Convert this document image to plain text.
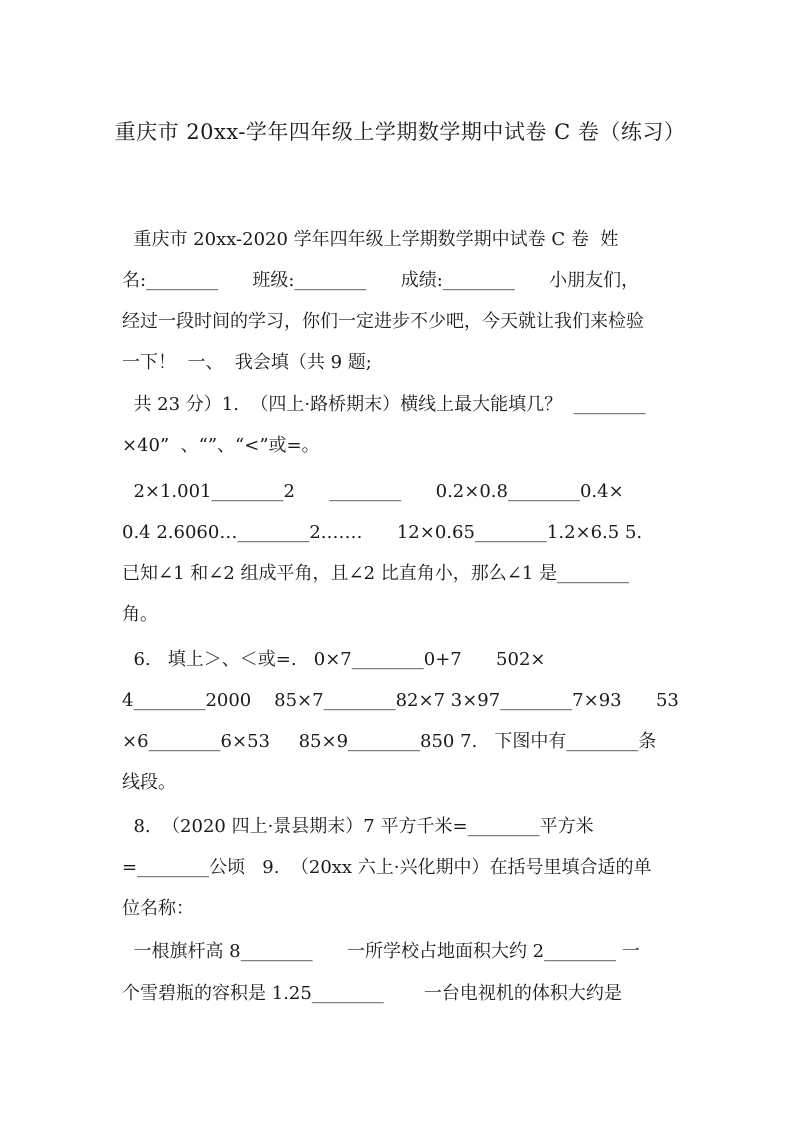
重庆市 20xx-学年四年级上学期数学期中试卷 C 卷（练习）
重庆市 20xx-2020 学年四年级上学期数学期中试卷 C 卷  姓
名:________      班级:________      成绩:________      小朋友们，
经过一段时间的学习，你们一定进步不少吧，今天就让我们来检验
一下！  一、  我会填（共 9 题;
共 23 分）1.  （四上·路桥期末）横线上最大能填几？  ________
×40”  、“”、“<”或=。
2×1.001________2      ________      0.2×0.8________0.4×
0.4 2.6060…________2.……      12×0.65________1.2×6.5 5.
已知∠1 和∠2 组成平角，且∠2 比直角小，那么∠1 是________
角。
6.   填上＞、＜或=.   0×7________0+7      502×
4________2000    85×7________82×7 3×97________7×93      53
×6________6×53     85×9________850 7.   下图中有________条
线段。
8.  （2020 四上·景县期末）7 平方千米=________平方米
=________公顷   9.  （20xx 六上·兴化期中）在括号里填合适的单
位名称：
一根旗杆高 8________      一所学校占地面积大约 2________ 一
个雪碧瓶的容积是 1.25________       一台电视机的体积大约是
